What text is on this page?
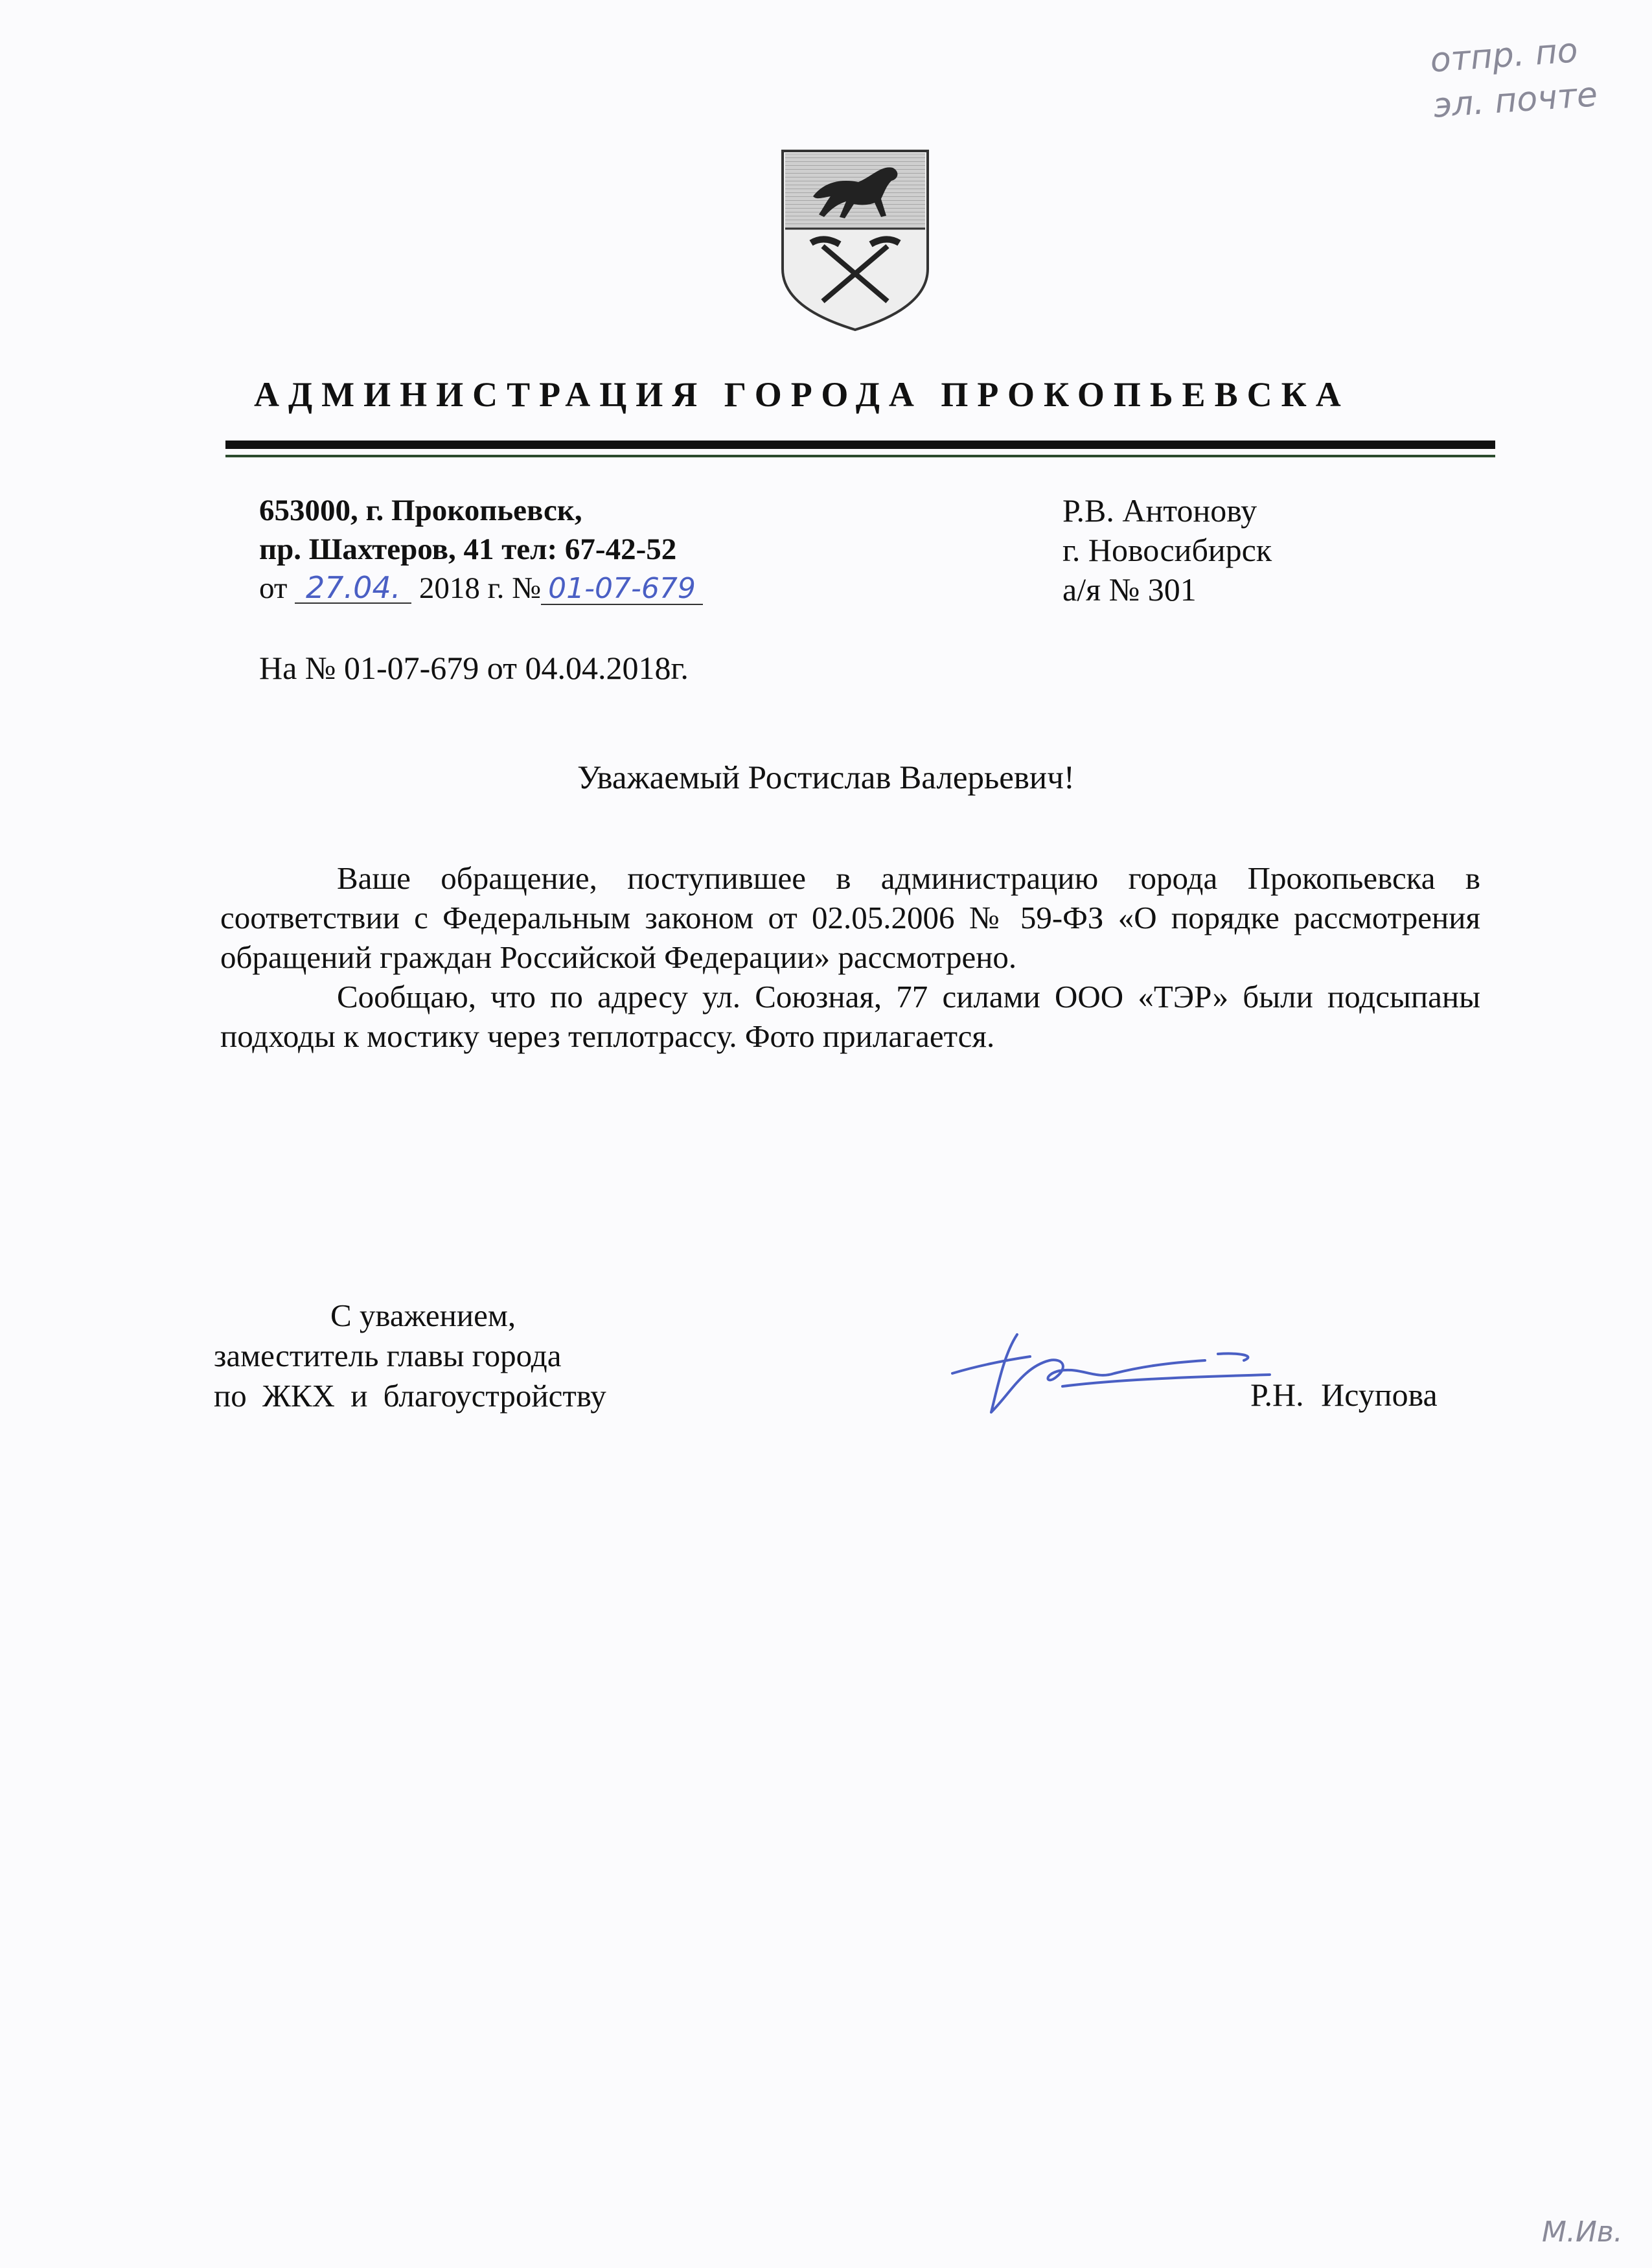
отпр. по
эл. почте
АДМИНИСТРАЦИЯ ГОРОДА ПРОКОПЬЕВСКА
653000, г. Прокопьевск,
пр. Шахтеров, 41 тел: 67-42-52
от 27.04. 2018 г. № 01-07-679
Р.В. Антонову
г. Новосибирск
а/я № 301
На № 01-07-679 от 04.04.2018г.
Уважаемый Ростислав Валерьевич!

Ваше обращение, поступившее в администрацию города Прокопьевска в соответствии с Федеральным законом от 02.05.2006 № 59-ФЗ «О порядке рассмотрения обращений граждан Российской Федерации» рассмотрено.

Сообщаю, что по адресу ул. Союзная, 77 силами ООО «ТЭР» были подсыпаны подходы к мостику через теплотрассу. Фото прилагается.

С уважением,
заместитель главы города
по ЖКХ и благоустройству	Р.Н. Исупова
М.Ив.
